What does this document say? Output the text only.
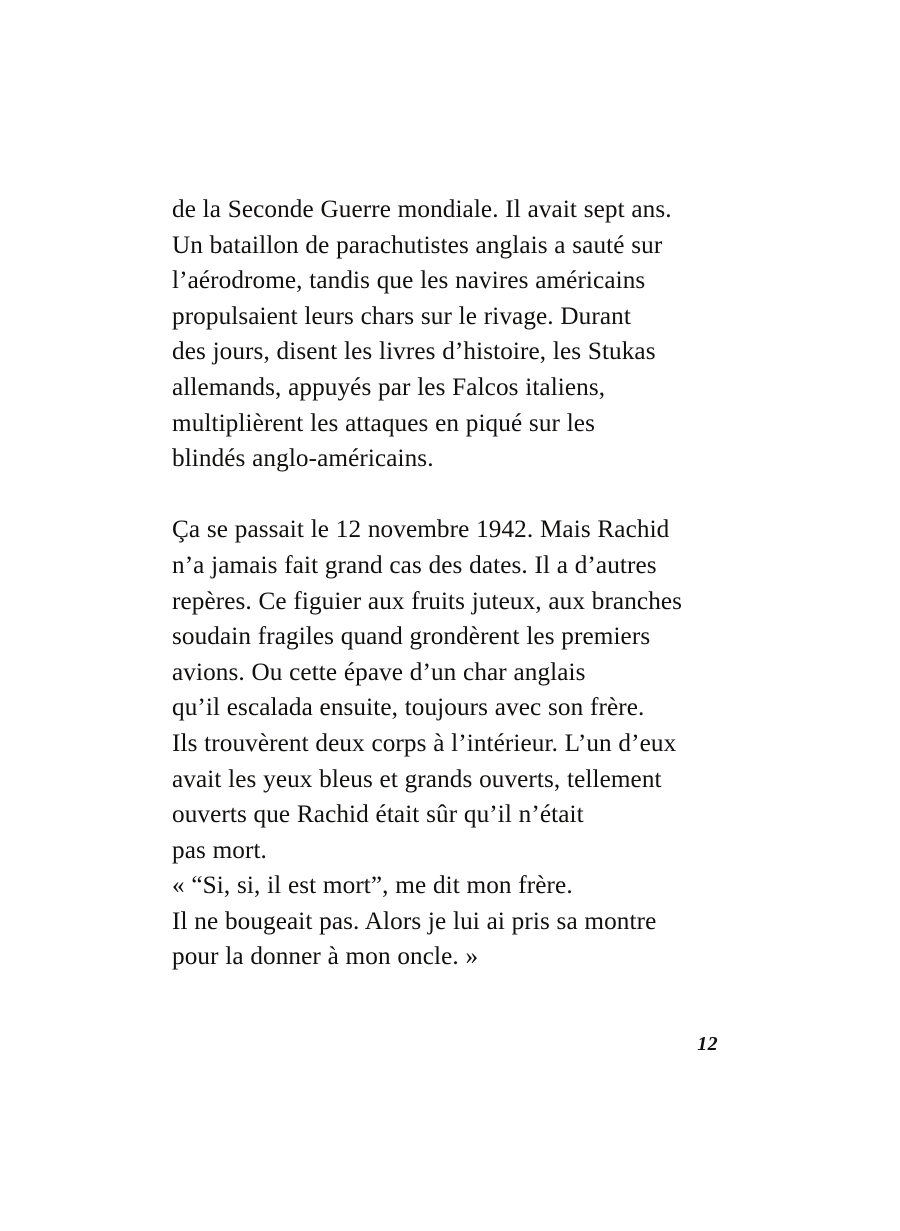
de la Seconde Guerre mondiale. Il avait sept ans.
Un bataillon de parachutistes anglais a sauté sur
l’aérodrome, tandis que les navires américains
propulsaient leurs chars sur le rivage. Durant
des jours, disent les livres d’histoire, les Stukas
allemands, appuyés par les Falcos italiens,
multiplièrent les attaques en piqué sur les
blindés anglo-américains.

Ça se passait le 12 novembre 1942. Mais Rachid
n’a jamais fait grand cas des dates. Il a d’autres
repères. Ce figuier aux fruits juteux, aux branches
soudain fragiles quand grondèrent les premiers
avions. Ou cette épave d’un char anglais
qu’il escalada ensuite, toujours avec son frère.
Ils trouvèrent deux corps à l’intérieur. L’un d’eux
avait les yeux bleus et grands ouverts, tellement
ouverts que Rachid était sûr qu’il n’était
pas mort.
« “Si, si, il est mort”, me dit mon frère.
Il ne bougeait pas. Alors je lui ai pris sa montre
pour la donner à mon oncle. »

12
